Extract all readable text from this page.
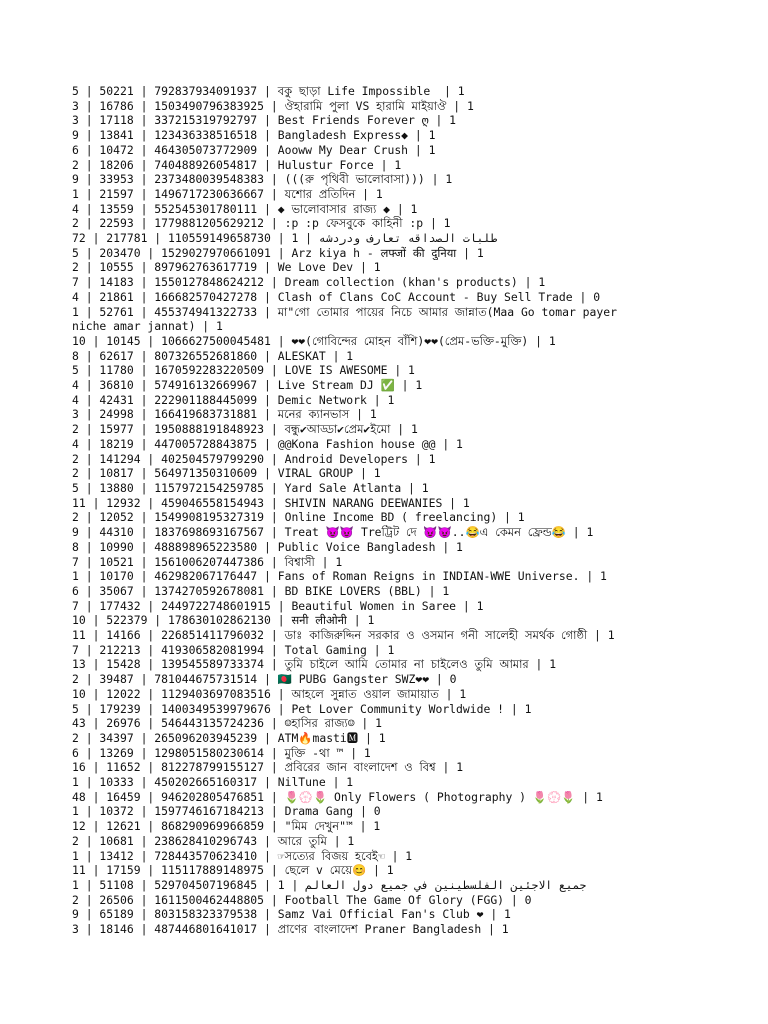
5 | 50221 | 792837934091937 | বকু ছাড়া Life Impossible  | 1
3 | 16786 | 1503490796383925 | ঔহারামি পুলা VS হারামি মাইয়াঔ | 1
3 | 17118 | 337215319792797 | Best Friends Forever ღ | 1
9 | 13841 | 123436338516518 | Bangladesh Express◆ | 1
6 | 10472 | 464305073772909 | Aooww My Dear Crush | 1
2 | 18206 | 740488926054817 | Hulustur Force | 1
9 | 33953 | 2373480039548383 | (((রু পৃথিবী ভালোবাসা))) | 1
1 | 21597 | 1496717230636667 | যশোর প্রতিদিন | 1
4 | 13559 | 552545301780111 | ◆ ভালোবাসার রাজ্য ◆ | 1
2 | 22593 | 1779881205629212 | :p :p ফেসবুকে কাহিনী :p | 1
72 | 217781 | 110559149658730 | 1 | طلبات الصداقه تعارف ودردشه
5 | 203470 | 1529027970661091 | Arz kiya h - लफ्जों की दुनिया | 1
2 | 10555 | 897962763617719 | We Love Dev | 1
7 | 14183 | 1550127848624212 | Dream collection (khan's products) | 1
4 | 21861 | 166682570427278 | Clash of Clans CoC Account - Buy Sell Trade | 0
1 | 52761 | 455374941322733 | মা"গো তোমার পায়ের নিচে আমার জান্নাত(Maa Go tomar payer
niche amar jannat) | 1
10 | 10145 | 1066627500045481 | ❤❤(গোবিন্দের মোহন বাঁশি)❤❤(প্রেম-ভক্তি-মুক্তি) | 1
8 | 62617 | 807326552681860 | ALESKAT | 1
5 | 11780 | 1670592283220509 | LOVE IS AWESOME | 1
4 | 36810 | 574916132669967 | Live Stream DJ ✅ | 1
4 | 42431 | 222901188445099 | Demic Network | 1
3 | 24998 | 166419683731881 | মনের ক্যানভাস | 1
2 | 15977 | 1950888191848923 | বন্ধু✔আড্ডা✔প্রেম✔ইমো | 1
4 | 18219 | 447005728843875 | @@Kona Fashion house @@ | 1
2 | 141294 | 402504579799290 | Android Developers | 1
2 | 10817 | 564971350310609 | VIRAL GROUP | 1
5 | 13880 | 1157972154259785 | Yard Sale Atlanta | 1
11 | 12932 | 459046558154943 | SHIVIN NARANG DEEWANIES | 1
2 | 12052 | 1549908195327319 | Online Income BD ( freelancing) | 1
9 | 44310 | 1837698693167567 | Treat 😈😈 Treট্রিট দে 😈😈..😂এ কেমন ফ্রেন্ড😂 | 1
8 | 10990 | 488898965223580 | Public Voice Bangladesh | 1
7 | 10521 | 1561006207447386 | বিশ্বাসী | 1
1 | 10170 | 462982067176447 | Fans of Roman Reigns in INDIAN-WWE Universe. | 1
6 | 35067 | 1374270592678081 | BD BIKE LOVERS (BBL) | 1
7 | 177432 | 2449722748601915 | Beautiful Women in Saree | 1
10 | 522379 | 178630102862130 | सनी लीओनी | 1
11 | 14166 | 226851411796032 | ডাঃ কাজিরুদ্দিন সরকার ও ওসমান গনী সালেহী সমর্থক গোষ্ঠী | 1
7 | 212213 | 419306582081994 | Total Gaming | 1
13 | 15428 | 139545589733374 | তুমি চাইলে আমি তোমার না চাইলেও তুমি আমার | 1
2 | 39487 | 781044675731514 | 🇧🇩 PUBG Gangster SWZ❤❤ | 0
10 | 12022 | 1129403697083516 | আহলে সুন্নাত ওয়াল জামায়াত | 1
5 | 179239 | 1400349539979676 | Pet Lover Community Worldwide ! | 1
43 | 26976 | 546443135724236 | ☺হাসির রাজ্য☺ | 1
2 | 34397 | 265096203945239 | ATM🔥masti🅼 | 1
6 | 13269 | 1298051580230614 | মুক্তি -থা ™ | 1
16 | 11652 | 812278799155127 | প্রবিরের জান বাংলাদেশ ও বিশ্ব | 1
1 | 10333 | 450202665160317 | NilTune | 1
48 | 16459 | 946202805476851 | 🌷💮🌷 Only Flowers ( Photography ) 🌷💮🌷 | 1
1 | 10372 | 1597746167184213 | Drama Gang | 0
12 | 12621 | 868290969966859 | "মিম দেখুন"™ | 1
2 | 10681 | 238628410296743 | আরে তুমি | 1
1 | 13412 | 728443570623410 | ☞সত্যের বিজয় হবেই☜ | 1
11 | 17159 | 115117889148975 | ছেলে v মেয়ে😊 | 1
1 | 51108 | 529704507196845 | 1 | جميع الاجئين الفلسطينين في جميع دول العالم
2 | 26506 | 1611500462448805 | Football The Game Of Glory (FGG) | 0
9 | 65189 | 803158323379538 | Samz Vai Official Fan's Club ❤ | 1
3 | 18146 | 487446801641017 | প্রাণের বাংলাদেশ Praner Bangladesh | 1
